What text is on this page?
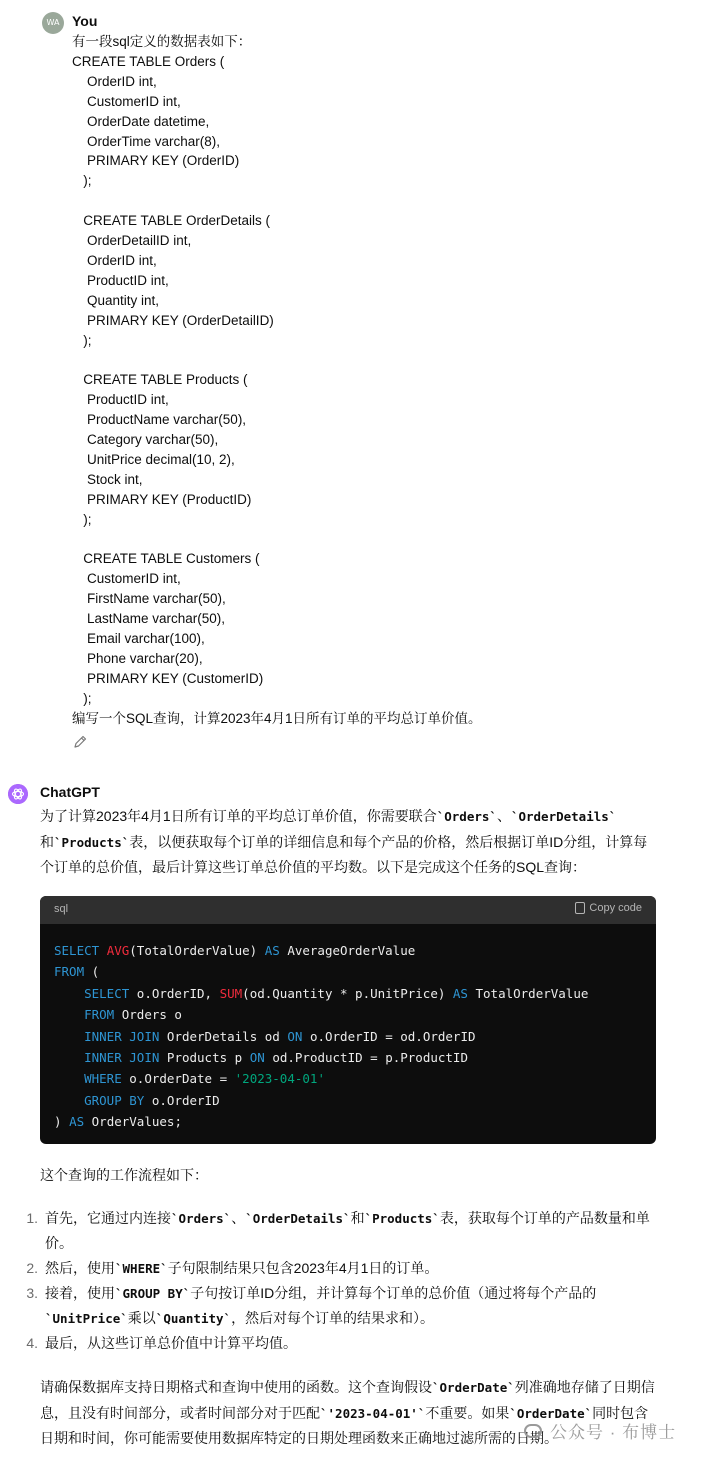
WA You
有一段sql定义的数据表如下：
CREATE TABLE Orders (
OrderID int,
CustomerID int,
OrderDate datetime,
OrderTime varchar(8),
PRIMARY KEY (OrderID)
);
CREATE TABLE OrderDetails (
OrderDetailID int,
OrderID int,
ProductID int,
Quantity int,
PRIMARY KEY (OrderDetailID)
);
CREATE TABLE Products (
ProductID int,
ProductName varchar(50),
Category varchar(50),
UnitPrice decimal(10, 2),
Stock int,
PRIMARY KEY (ProductID)
);
CREATE TABLE Customers (
CustomerID int,
FirstName varchar(50),
LastName varchar(50),
Email varchar(100),
Phone varchar(20),
PRIMARY KEY (CustomerID)
);
编写一个SQL查询，计算2023年4月1日所有订单的平均总订单价值。
ChatGPT
为了计算2023年4月1日所有订单的平均总订单价值，你需要联合`Orders`、`OrderDetails`
和`Products`表，以便获取每个订单的详细信息和每个产品的价格，然后根据订单ID分组，计算每个订单的总价值，最后计算这些订单总价值的平均数。以下是完成这个任务的SQL查询：
sql	Copy code
SELECT AVG(TotalOrderValue) AS AverageOrderValue
FROM (
SELECT o.OrderID, SUM(od.Quantity * p.UnitPrice) AS TotalOrderValue
FROM Orders o
INNER JOIN OrderDetails od ON o.OrderID = od.OrderID
INNER JOIN Products p ON od.ProductID = p.ProductID
WHERE o.OrderDate = '2023-04-01'
GROUP BY o.OrderID
) AS OrderValues;
这个查询的工作流程如下：
1. 首先，它通过内连接`Orders`、`OrderDetails`和`Products`表，获取每个订单的产品数量和单价。
2. 然后，使用`WHERE`子句限制结果只包含2023年4月1日的订单。
3. 接着，使用`GROUP BY`子句按订单ID分组，并计算每个订单的总价值（通过将每个产品的`UnitPrice`乘以`Quantity`，然后对每个订单的结果求和）。
4. 最后，从这些订单总价值中计算平均值。
请确保数据库支持日期格式和查询中使用的函数。这个查询假设`OrderDate`列准确地存储了日期信息，且没有时间部分，或者时间部分对于匹配`'2023-04-01'`不重要。如果`OrderDate`同时包含日期和时间，你可能需要使用数据库特定的日期处理函数来正确地过滤所需的日期。
公众号 · 布博士
